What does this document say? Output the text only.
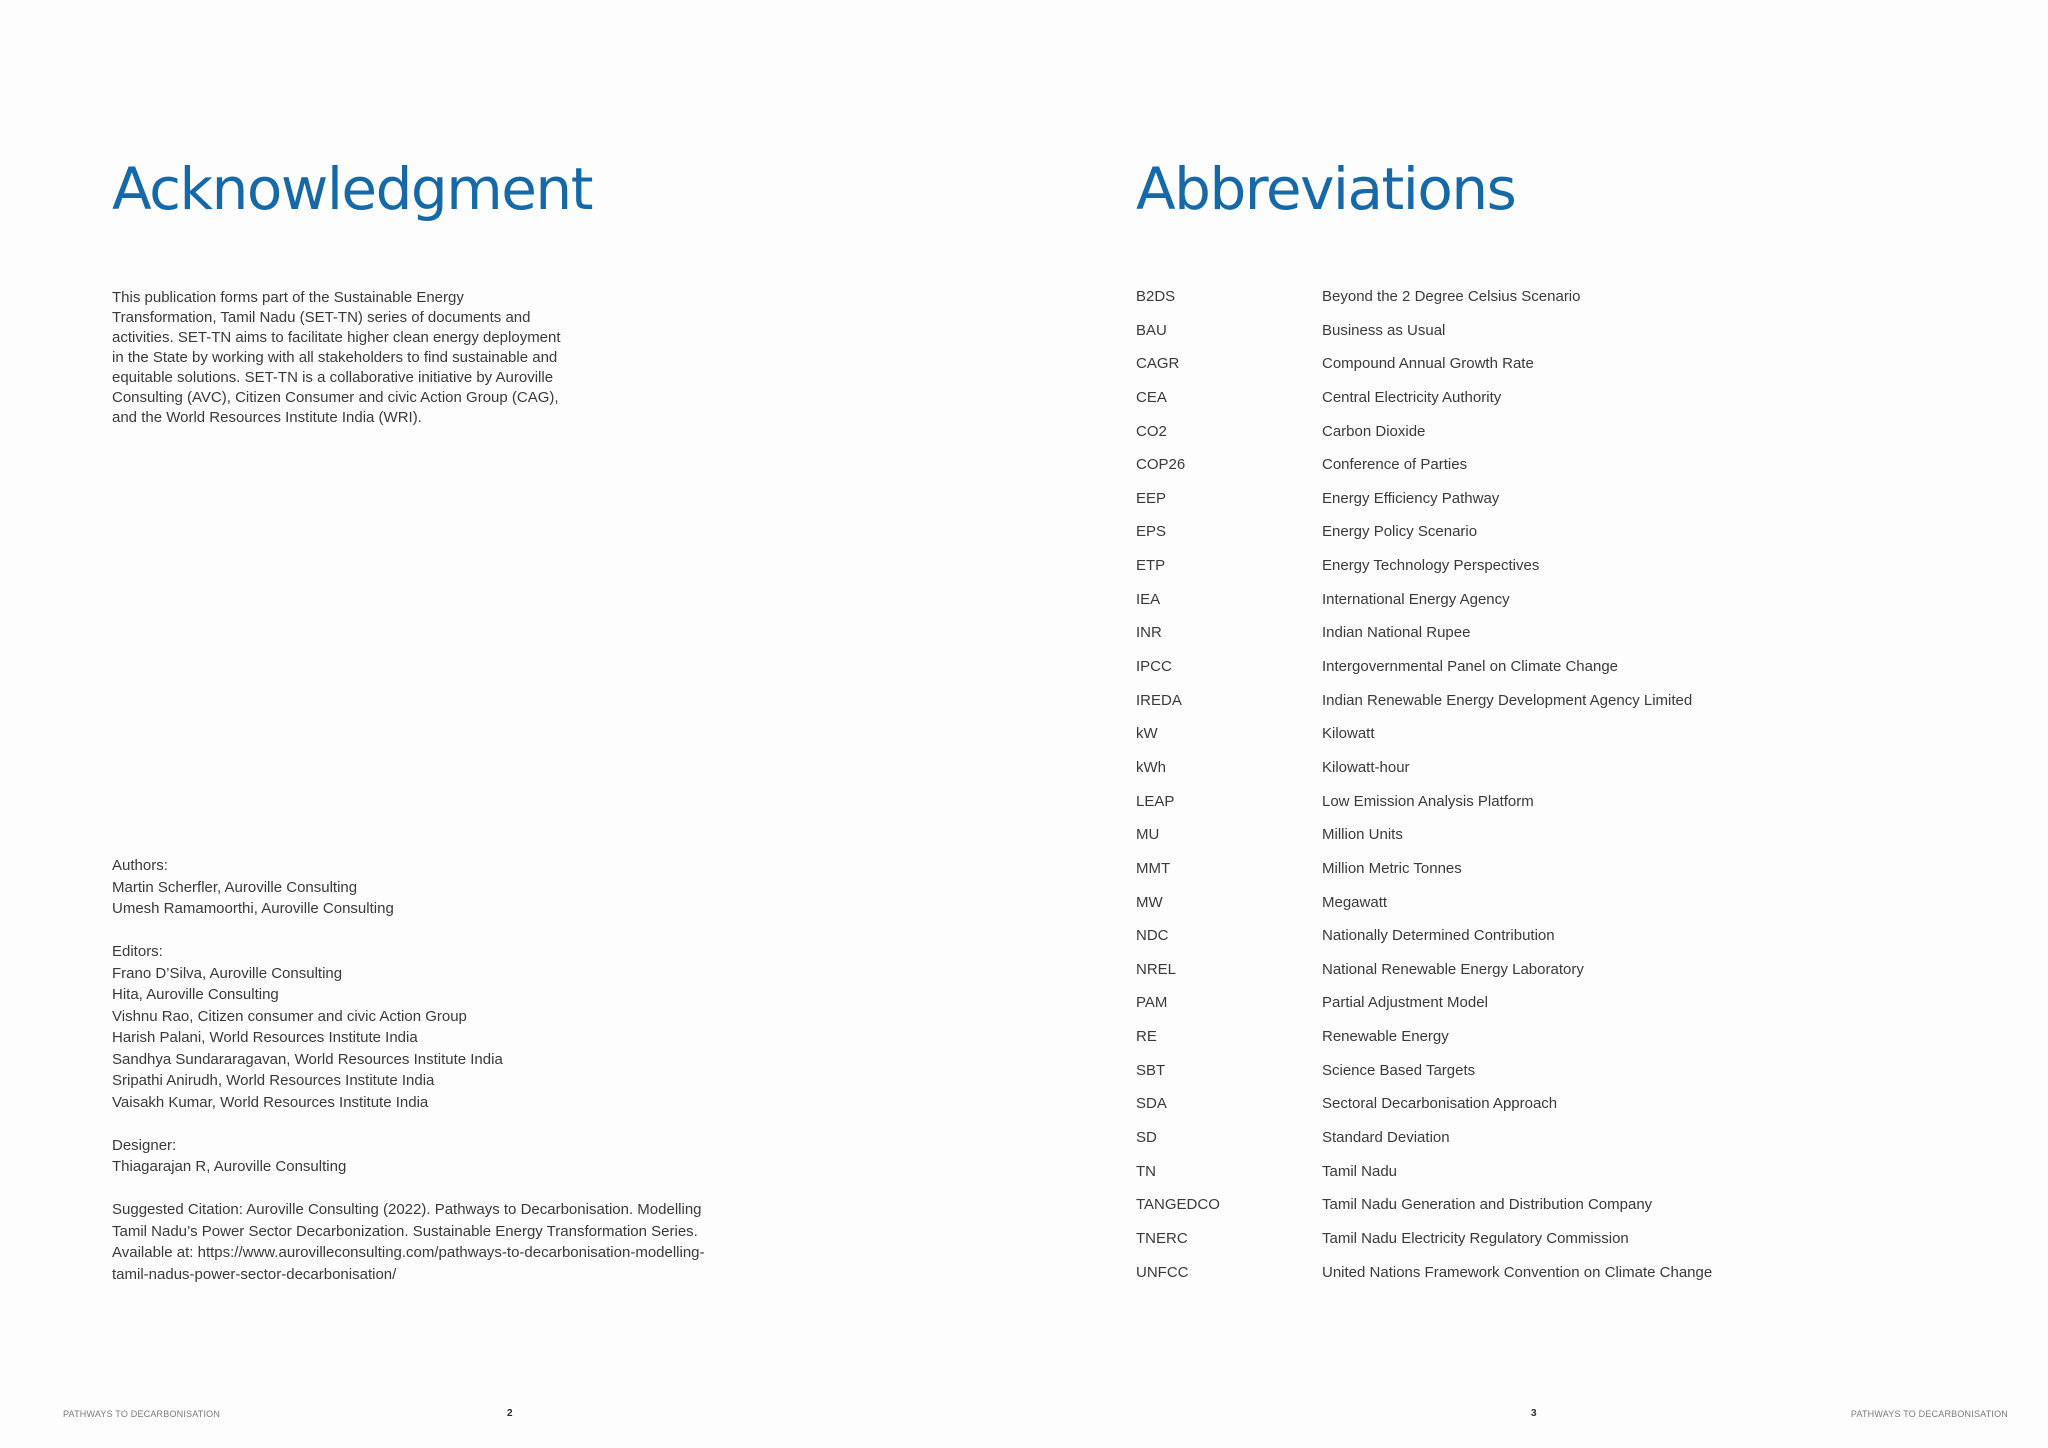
Acknowledgment

This publication forms part of the Sustainable Energy
Transformation, Tamil Nadu (SET-TN) series of documents and
activities. SET-TN aims to facilitate higher clean energy deployment
in the State by working with all stakeholders to find sustainable and
equitable solutions. SET-TN is a collaborative initiative by Auroville
Consulting (AVC), Citizen Consumer and civic Action Group (CAG),
and the World Resources Institute India (WRI).

Authors:
Martin Scherfler, Auroville Consulting
Umesh Ramamoorthi, Auroville Consulting
Editors:
Frano D’Silva, Auroville Consulting
Hita, Auroville Consulting
Vishnu Rao, Citizen consumer and civic Action Group
Harish Palani, World Resources Institute India
Sandhya Sundararagavan, World Resources Institute India
Sripathi Anirudh, World Resources Institute India
Vaisakh Kumar, World Resources Institute India
Designer:
Thiagarajan R, Auroville Consulting
Suggested Citation: Auroville Consulting (2022). Pathways to Decarbonisation. Modelling
Tamil Nadu’s Power Sector Decarbonization. Sustainable Energy Transformation Series.
Available at: https://www.aurovilleconsulting.com/pathways-to-decarbonisation-modelling-
tamil-nadus-power-sector-decarbonisation/
PATHWAYS TO DECARBONISATION	2
Abbreviations
B2DS	Beyond the 2 Degree Celsius Scenario
BAU	Business as Usual
CAGR	Compound Annual Growth Rate
CEA	Central Electricity Authority
CO2	Carbon Dioxide
COP26	Conference of Parties
EEP	Energy Efficiency Pathway
EPS	Energy Policy Scenario
ETP	Energy Technology Perspectives
IEA	International Energy Agency
INR	Indian National Rupee
IPCC	Intergovernmental Panel on Climate Change
IREDA	Indian Renewable Energy Development Agency Limited
kW	Kilowatt
kWh	Kilowatt-hour
LEAP	Low Emission Analysis Platform
MU	Million Units
MMT	Million Metric Tonnes
MW	Megawatt
NDC	Nationally Determined Contribution
NREL	National Renewable Energy Laboratory
PAM	Partial Adjustment Model
RE	Renewable Energy
SBT	Science Based Targets
SDA	Sectoral Decarbonisation Approach
SD	Standard Deviation
TN	Tamil Nadu
TANGEDCO	Tamil Nadu Generation and Distribution Company
TNERC	Tamil Nadu Electricity Regulatory Commission
UNFCC	United Nations Framework Convention on Climate Change
3	PATHWAYS TO DECARBONISATION
